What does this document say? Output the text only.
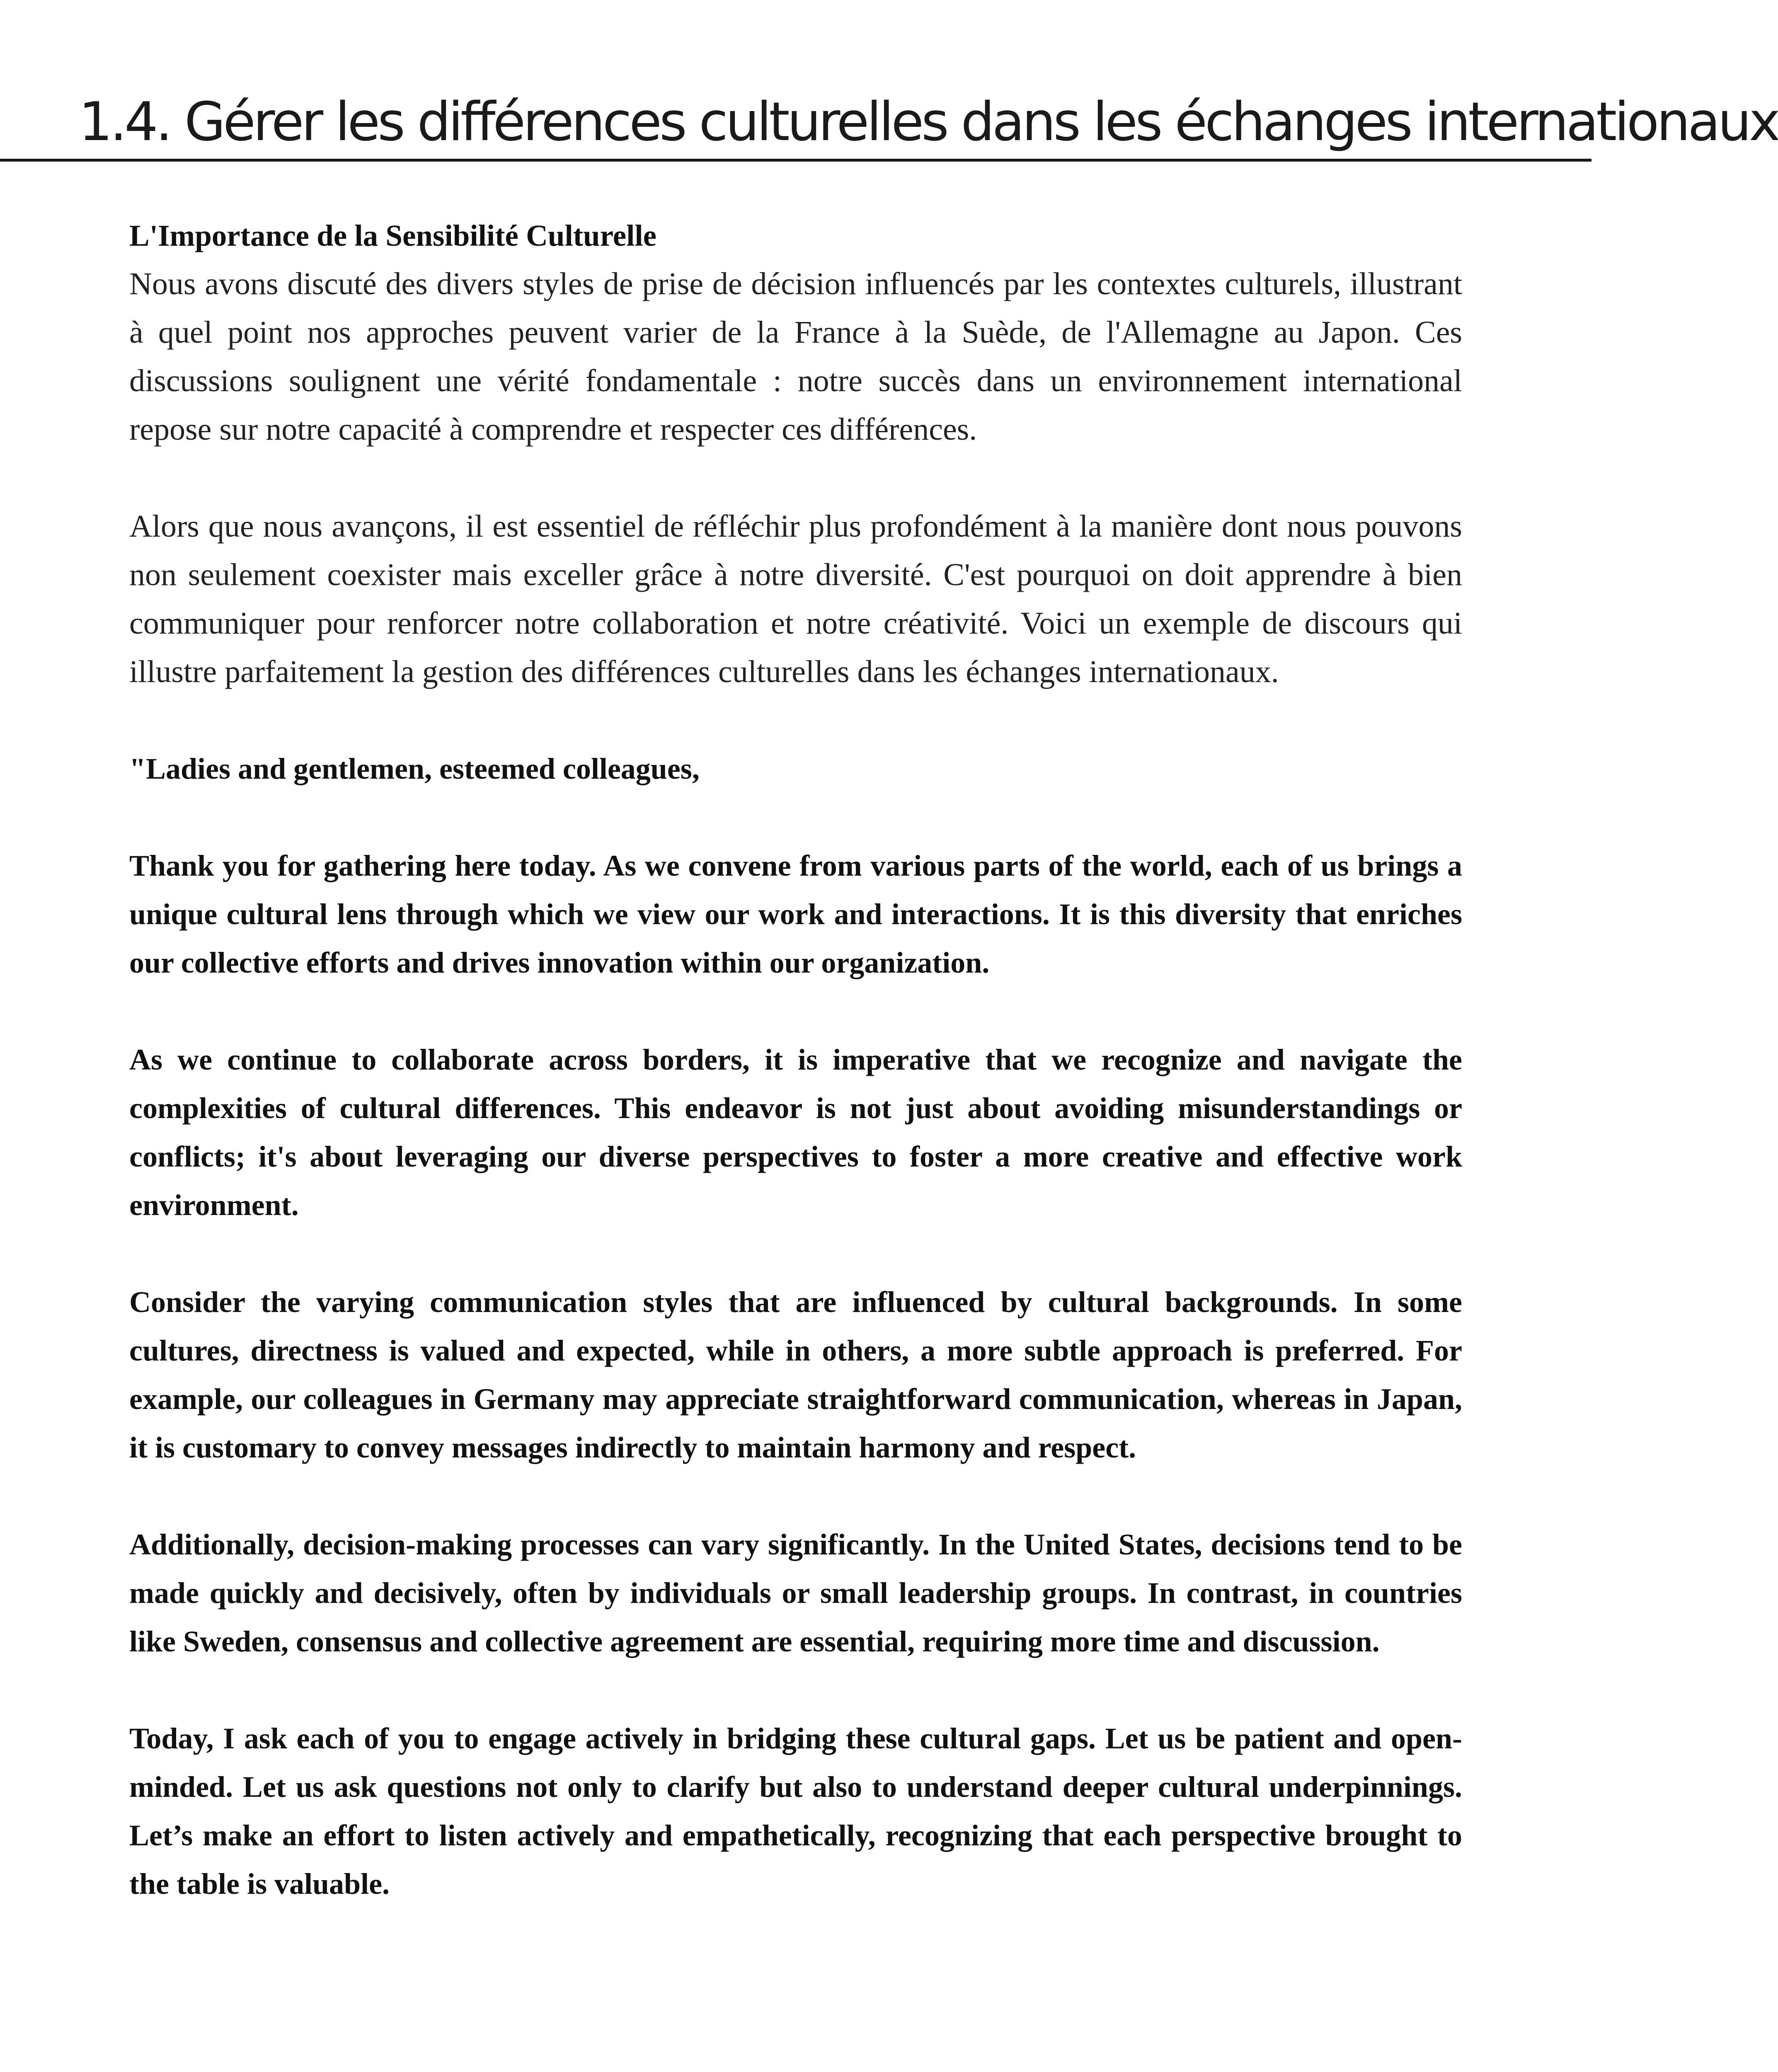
1.4. Gérer les différences culturelles dans les échanges internationaux
L'Importance de la Sensibilité Culturelle

Nous avons discuté des divers styles de prise de décision influencés par les contextes culturels, illustrant à quel point nos approches peuvent varier de la France à la Suède, de l'Allemagne au Japon. Ces discussions soulignent une vérité fondamentale : notre succès dans un environnement international repose sur notre capacité à comprendre et respecter ces différences.

Alors que nous avançons, il est essentiel de réfléchir plus profondément à la manière dont nous pouvons non seulement coexister mais exceller grâce à notre diversité. C'est pourquoi on doit apprendre à bien communiquer pour renforcer notre collaboration et notre créativité. Voici un exemple de discours qui illustre parfaitement la gestion des différences culturelles dans les échanges internationaux.

"Ladies and gentlemen, esteemed colleagues,

Thank you for gathering here today. As we convene from various parts of the world, each of us brings a unique cultural lens through which we view our work and interactions. It is this diversity that enriches our collective efforts and drives innovation within our organization.

As we continue to collaborate across borders, it is imperative that we recognize and navigate the complexities of cultural differences. This endeavor is not just about avoiding misunderstandings or conflicts; it's about leveraging our diverse perspectives to foster a more creative and effective work environment.

Consider the varying communication styles that are influenced by cultural backgrounds. In some cultures, directness is valued and expected, while in others, a more subtle approach is preferred. For example, our colleagues in Germany may appreciate straightforward communication, whereas in Japan, it is customary to convey messages indirectly to maintain harmony and respect.

Additionally, decision-making processes can vary significantly. In the United States, decisions tend to be made quickly and decisively, often by individuals or small leadership groups. In contrast, in countries like Sweden, consensus and collective agreement are essential, requiring more time and discussion.

Today, I ask each of you to engage actively in bridging these cultural gaps. Let us be patient and open-minded. Let us ask questions not only to clarify but also to understand deeper cultural underpinnings. Let’s make an effort to listen actively and empathetically, recognizing that each perspective brought to the table is valuable.
